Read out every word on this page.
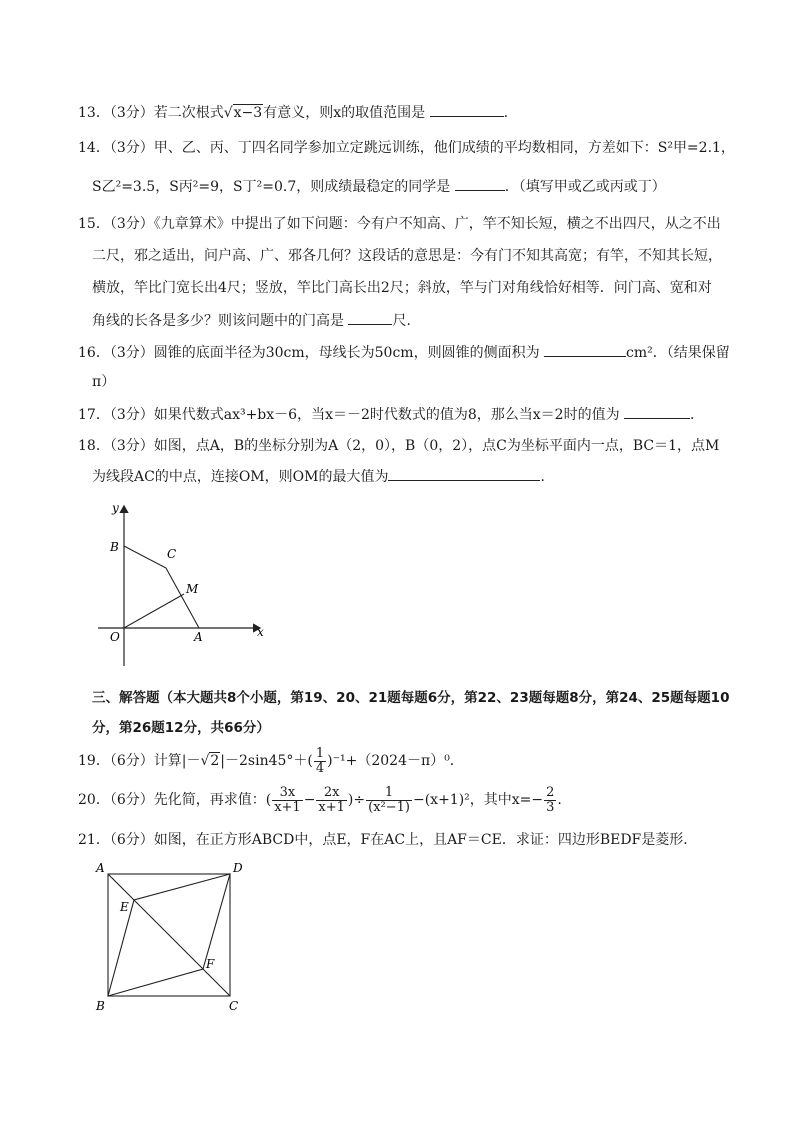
13．（3分）若二次根式√x−3有意义，则x的取值范围是	.
14．（3分）甲、乙、丙、丁四名同学参加立定跳远训练，他们成绩的平均数相同，方差如下：S²甲=2.1，
S乙²=3.5，S丙²=9，S丁²=0.7，则成绩最稳定的同学是	．（填写甲或乙或丙或丁）
15．（3分）《九章算术》中提出了如下问题：今有户不知高、广，竿不知长短，横之不出四尺，从之不出
二尺，邪之适出，问户高、广、邪各几何？这段话的意思是：今有门不知其高宽；有竿，不知其长短，
横放，竿比门宽长出4尺；竖放，竿比门高长出2尺；斜放，竿与门对角线恰好相等．问门高、宽和对
角线的长各是多少？则该问题中的门高是	尺．
16．（3分）圆锥的底面半径为30cm，母线长为50cm，则圆锥的侧面积为	cm²．（结果保留
π）
17．（3分）如果代数式ax³+bx－6，当x＝－2时代数式的值为8，那么当x＝2时的值为	．
18．（3分）如图，点A，B的坐标分别为A（2，0），B（0，2），点C为坐标平面内一点，BC＝1，点M
为线段AC的中点，连接OM，则OM的最大值为	．
y
x
B	C
M
O	A
三、解答题（本大题共8个小题，第19、20、21题每题6分，第22、23题每题8分，第24、25题每题10
分，第26题12分，共66分）
19．（6分）计算$|-√2|-2\sin 45^\circ+( \frac{1}{4} )^{-1}+(2024-\pi)^0$．
20．（6分）先化简，再求值：( $\frac{3x}{x+1} - \frac{2x}{x+1}$ )÷ $\frac{1}{\text{(x²−1)}} -(x+1)^2$，其中$x=- \frac{2}{3}$ .
21．（6分）如图，在正方形ABCD中，点E，F在AC上，且AF＝CE．求证：四边形BEDF是菱形．
A	D
E
F
B	C
